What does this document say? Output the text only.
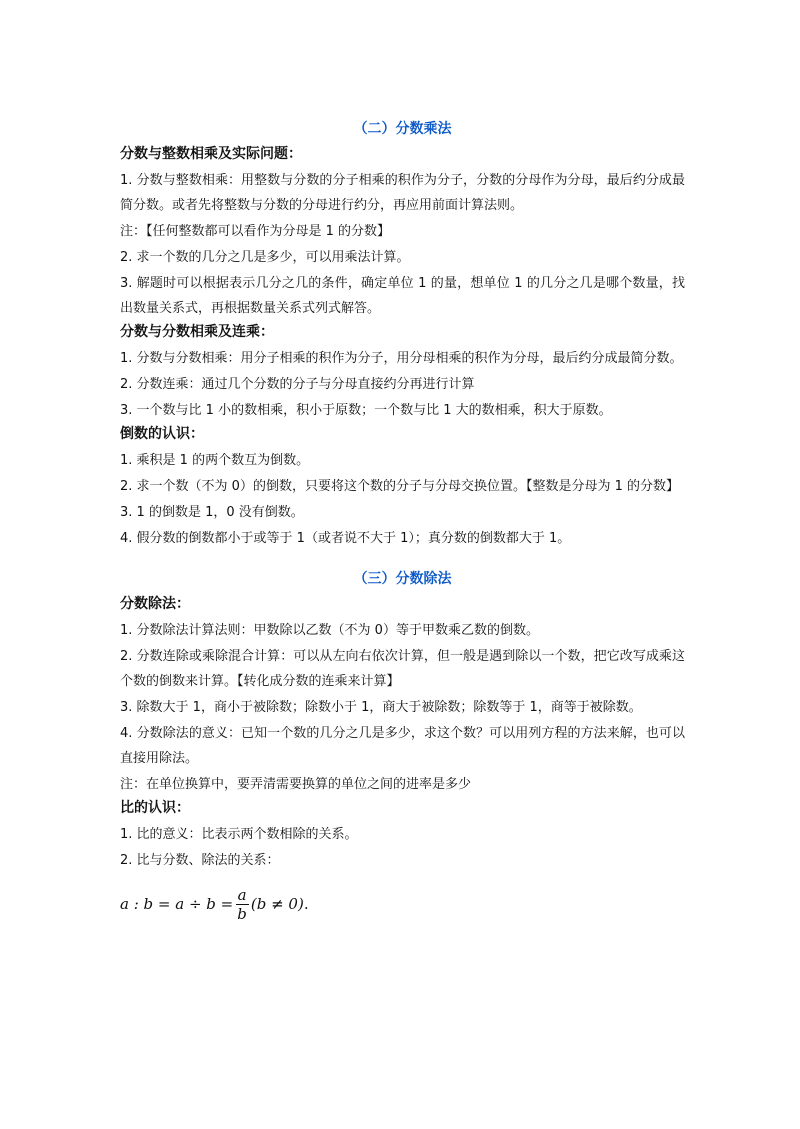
（二）分数乘法
分数与整数相乘及实际问题：
1. 分数与整数相乘：用整数与分数的分子相乘的积作为分子，分数的分母作为分母，最后约分成最简分数。或者先将整数与分数的分母进行约分，再应用前面计算法则。
注：【任何整数都可以看作为分母是 1 的分数】
2. 求一个数的几分之几是多少，可以用乘法计算。
3. 解题时可以根据表示几分之几的条件，确定单位 1 的量，想单位 1 的几分之几是哪个数量，找出数量关系式，再根据数量关系式列式解答。
分数与分数相乘及连乘：
1. 分数与分数相乘：用分子相乘的积作为分子，用分母相乘的积作为分母，最后约分成最简分数。
2. 分数连乘：通过几个分数的分子与分母直接约分再进行计算
3. 一个数与比 1 小的数相乘，积小于原数；一个数与比 1 大的数相乘，积大于原数。
倒数的认识：
1. 乘积是 1 的两个数互为倒数。
2. 求一个数（不为 0）的倒数，只要将这个数的分子与分母交换位置。【整数是分母为 1 的分数】
3. 1 的倒数是 1，0 没有倒数。
4. 假分数的倒数都小于或等于 1（或者说不大于 1）；真分数的倒数都大于 1。
（三）分数除法
分数除法：
1. 分数除法计算法则：甲数除以乙数（不为 0）等于甲数乘乙数的倒数。
2. 分数连除或乘除混合计算：可以从左向右依次计算，但一般是遇到除以一个数，把它改写成乘这个数的倒数来计算。【转化成分数的连乘来计算】
3. 除数大于 1，商小于被除数；除数小于 1，商大于被除数；除数等于 1，商等于被除数。
4. 分数除法的意义：已知一个数的几分之几是多少，求这个数？可以用列方程的方法来解，也可以直接用除法。
注：在单位换算中，要弄清需要换算的单位之间的进率是多少
比的认识：
1. 比的意义：比表示两个数相除的关系。
2. 比与分数、除法的关系：
a : $b = a \div b = \frac{a}{b} (b \ne 0)$ .
